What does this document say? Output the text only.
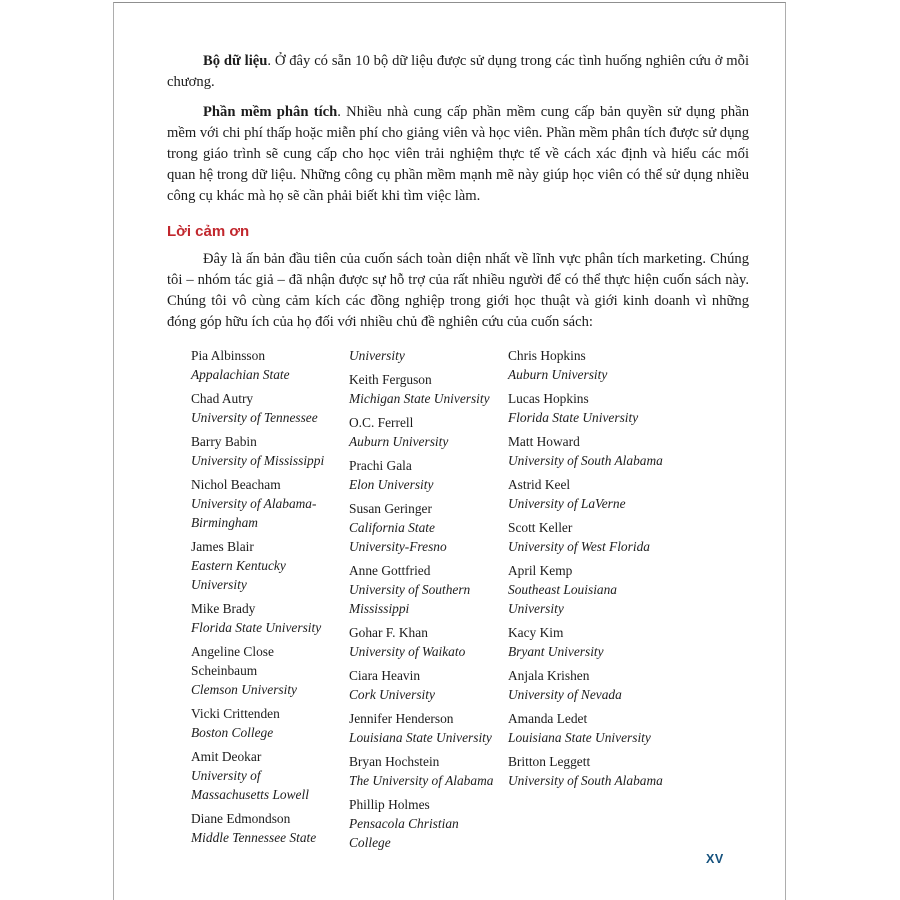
Bộ dữ liệu. Ở đây có sẵn 10 bộ dữ liệu được sử dụng trong các tình huống nghiên cứu ở mỗi chương.

Phần mềm phân tích. Nhiều nhà cung cấp phần mềm cung cấp bản quyền sử dụng phần mềm với chi phí thấp hoặc miễn phí cho giảng viên và học viên. Phần mềm phân tích được sử dụng trong giáo trình sẽ cung cấp cho học viên trải nghiệm thực tế về cách xác định và hiểu các mối quan hệ trong dữ liệu. Những công cụ phần mềm mạnh mẽ này giúp học viên có thể sử dụng nhiều công cụ khác mà họ sẽ cần phải biết khi tìm việc làm.

Lời cảm ơn

Đây là ấn bản đầu tiên của cuốn sách toàn diện nhất về lĩnh vực phân tích marketing. Chúng tôi – nhóm tác giả – đã nhận được sự hỗ trợ của rất nhiều người để có thể thực hiện cuốn sách này. Chúng tôi vô cùng cảm kích các đồng nghiệp trong giới học thuật và giới kinh doanh vì những đóng góp hữu ích của họ đối với nhiều chủ đề nghiên cứu của cuốn sách:

Pia Albinsson
Appalachian State
Chad Autry
University of Tennessee
Barry Babin
University of Mississippi
Nichol Beacham
University of Alabama-Birmingham
James Blair
Eastern Kentucky University
Mike Brady
Florida State University
Angeline Close Scheinbaum
Clemson University
Vicki Crittenden
Boston College
Amit Deokar
University of Massachusetts Lowell
Diane Edmondson
Middle Tennessee State
University
Keith Ferguson
Michigan State University
O.C. Ferrell
Auburn University
Prachi Gala
Elon University
Susan Geringer
California State University-Fresno
Anne Gottfried
University of Southern Mississippi
Gohar F. Khan
University of Waikato
Ciara Heavin
Cork University
Jennifer Henderson
Louisiana State University
Bryan Hochstein
The University of Alabama
Phillip Holmes
Pensacola Christian College
Chris Hopkins
Auburn University
Lucas Hopkins
Florida State University
Matt Howard
University of South Alabama
Astrid Keel
University of LaVerne
Scott Keller
University of West Florida
April Kemp
Southeast Louisiana University
Kacy Kim
Bryant University
Anjala Krishen
University of Nevada
Amanda Ledet
Louisiana State University
Britton Leggett
University of South Alabama
XV
